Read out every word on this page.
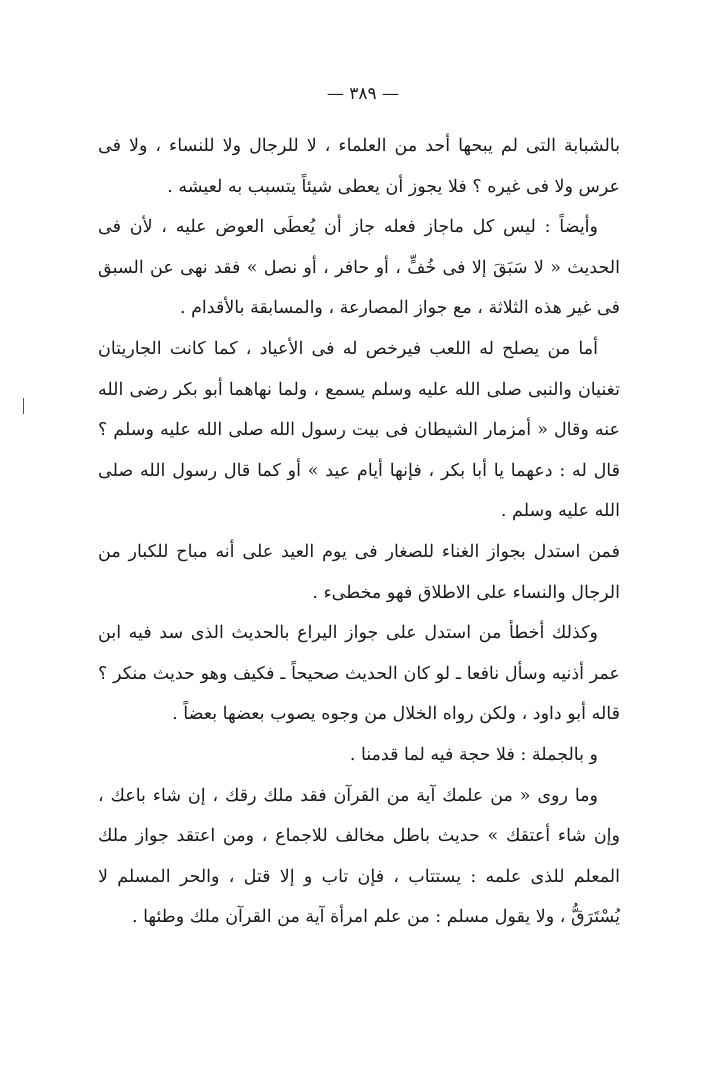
— ٣٨٩ —

بالشبابة التى لم يبحها أحد من العلماء ، لا للرجال ولا للنساء ، ولا فى عرس ولا فى غيره ؟ فلا يجوز أن يعطى شيئاً يتسبب به لعيشه .

وأيضاً : ليس كل ماجاز فعله جاز أن يُعطَى العوض عليه ، لأن فى الحديث « لا سَبَقَ إلا فى خُفٍّ ، أو حافر ، أو نصل » فقد نهى عن السبق فى غير هذه الثلاثة ، مع جواز المصارعة ، والمسابقة بالأقدام .

أما من يصلح له اللعب فيرخص له فى الأعياد ، كما كانت الجاريتان تغنيان والنبى صلى الله عليه وسلم يسمع ، ولما نهاهما أبو بكر رضى الله عنه وقال « أمزمار الشيطان فى بيت رسول الله صلى الله عليه وسلم ؟ قال له : دعهما يا أبا بكر ، فإنها أيام عيد » أو كما قال رسول الله صلى الله عليه وسلم .

فمن استدل بجواز الغناء للصغار فى يوم العيد على أنه مباح للكبار من الرجال والنساء على الاطلاق فهو مخطىء .

وكذلك أخطأ من استدل على جواز اليراع بالحديث الذى سد فيه ابن عمر أذنيه وسأل نافعا ـ لو كان الحديث صحيحاً ـ فكيف وهو حديث منكر ؟ قاله أبو داود ، ولكن رواه الخلال من وجوه يصوب بعضها بعضاً .

و بالجملة : فلا حجة فيه لما قدمنا .

وما روى « من علمك آية من القرآن فقد ملك رقك ، إن شاء باعك ، وإن شاء أعتقك » حديث باطل مخالف للاجماع ، ومن اعتقد جواز ملك المعلم للذى علمه : يستتاب ، فإن تاب و إلا قتل ، والحر المسلم لا يُسْتَرَقُّ ، ولا يقول مسلم : من علم امرأة آية من القرآن ملك وطئها .
